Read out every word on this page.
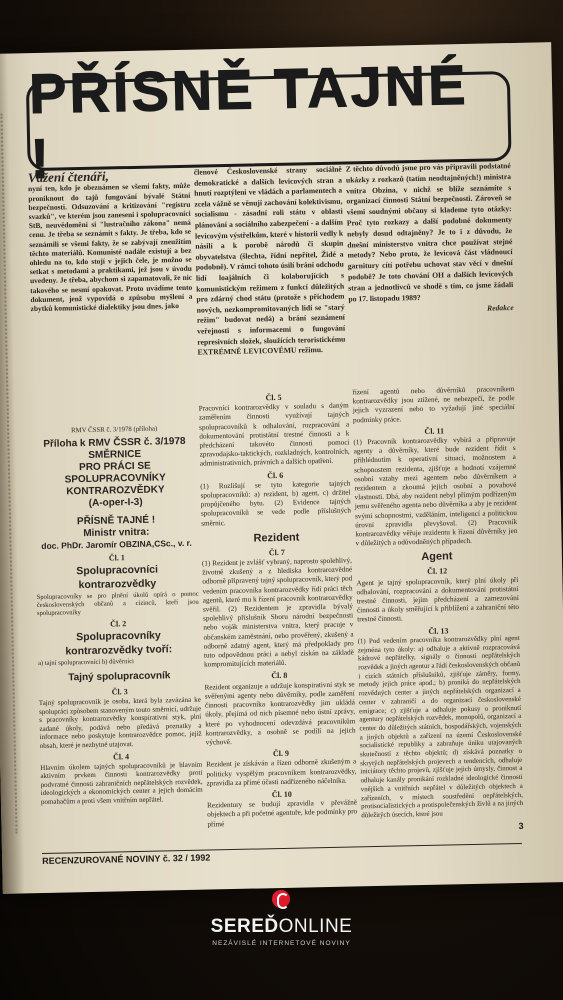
PŘÍSNĚ TAJNÉ !
Vážení čtenáři,

nyní ten, kdo je obeznámen se všemi fakty, může proniknout do tajů fungování bývalé Státní bezpečnosti. Odsuzování a kritizování "registru svazků", ve kterém jsou zaneseni i spolupracovníci StB, neuvědomění si "lustračního zákona" nemá cenu. Je třeba se seznámit s fakty. Je třeba, kdo se seznámili se všemi fakty, že se zabývají zneužitím těchto materiálů. Komunisté nadále existují a bez ohledu na to, kdo stojí v jejich čele, je možno se setkat s metodami a praktikami, jež jsou v úvodu uvedeny. Je třeba, abychom si zapamatovali, že nic takového se nesmí opakovat. Proto uvádíme tento dokument, jenž vypovídá o způsobu myšlení a zbytků komunistické dialektiky jsou dnes, jako

členové Československé strany sociálně demokratické a dalších levicových stran a hnutí rozptýleni ve vládách a parlamentech a zcela vážně se věnují zachování kolektivismu, socialismu - zásadní roli státu v oblasti plánování a sociálního zabezpečení - a dalším levicovým výstřelkům, které v historii vedly k násilí a k porobě národů či skupin obyvatelstva (šlechta, řídní nepřítel, Židé a podobně). V rámci tohoto úsilí brání odchodu lidí loajálních či kolaborujících s komunistickým režimem z funkcí důležitých pro zdárný chod státu (protože s příchodem nových, nezkompromitovaných lidí se "starý režim" budovat nedá) a brání seznámení veřejnosti s informacemi o fungování represivních složek, sloužících teroristickému EXTRÉMNĚ LEVICOVÉMU režimu.

Z těchto důvodů jsme pro vás připravili podstatné ukázky z rozkazů (tatím neodtajněných!) ministra vnitra Obzina, v nichž se blíže seznámíte s organizací činnosti Státní bezpečnosti. Zároveň se všemi soudnými občany si klademe tyto otázky: Proč tyto rozkazy a další podobné dokumenty nebyly dosud odtajněny? Je to i z důvodu, že dnešní ministerstvo vnitra chce používat stejné metody? Nebo proto, že levicová část vládnoucí garnitury cítí potřebu uchovat stav věcí v dnešní podobě? Je toto chování OH a dalších levicových stran a jednotlivců ve shodě s tím, co jsme žádali po 17. listopadu 1989?

Redakce
RMV ČSSR č. 3/1978 (příloha)
Příloha k RMV ČSSR č. 3/1978
SMĚRNICE
PRO PRÁCI SE SPOLUPRACOVNÍKY KONTRAROZVĚDKY
(A-oper-I-3)
PŘÍSNĚ TAJNÉ !
Ministr vnitra:
doc. PhDr. Jaromír OBZINA,CSc., v. r.
Čl. 1
Spolupracovníci kontrarozvědky

Spolupracovníky se pro plnění úkolů opírá o pomoc československých občanů a cizinců, kteří jsou spolupracovníky

Čl. 2
Spolupracovníky kontrarozvědky tvoří:

a) tajní spolupracovníci b) důvěrníci

Tajný spolupracovník
Čl. 3

Tajný spolupracovník je osoba, která byla zavázána ke spolupráci způsobem stanoveným touto směrnicí, udržuje s pracovníky kontrarozvědky konspirativní styk, plní zadané úkoly, podává nebo předává poznatky a informace nebo poskytuje kontrarozvědce pomoc, jejíž obsah, které je nezbytné utajovat.

Čl. 4

Hlavním úkolem tajných spolupracovníků je hlavním aktivním prvkem činnosti kontrarozvědky proti podvratné činnosti zahraničních nepřátelských rozvědek, ideologických a ekonomických center a jejich domácím pomahačům a proti všem vnitřním nepřátel.

Čl. 5

Pracovníci kontrarozvědky v souladu s daným zaměřením činnosti využívají tajných spolupracovníků k odhalování, rozpracování a dokumentování protistátní trestné činnosti a k předcházení takovéto činnosti pomocí zpravodajsko-taktických, rozkladných, kontrolních, administrativních, právních a dalších opatření.

Čl. 6

(1) Rozlišují se tyto kategorie tajných spolupracovníků: a) rezident, b) agent, c) držitel propůjčeného bytu. (2) Evidence tajných spolupracovníků se vede podle příslušných směrnic.

Rezident
Čl. 7

(1) Rezident je zvlášť vybraný, naprosto spolehlivý, životně zkušený a z hlediska kontrarozvědné odborně připravený tajný spolupracovník, který pod vedením pracovníka kontrarozvědky řídí práci těch agentů, které mu k řízení pracovník kontrarozvědky svěřil. (2) Rezidentem je zpravidla bývalý spolehlivý příslušník Sboru národní bezpečnosti nebo voják ministerstva vnitra, který pracuje v občanském zaměstnání, nebo prověřený, zkušený a odborně zdatný agent, který má předpoklady pro tuto odpovědnou práci a nebyl získán na základě kompromitujících materiálů.

Čl. 8

Rezident organizuje a udržuje konspirativní styk se svěřenými agenty nebo důvěrníky, podle zaměření činnosti pracovníka kontrarozvědky jim ukládá úkoly, přejímá od nich písemné nebo ústní zprávy, které po vyhodnocení odevzdává pracovníkům kontrarozvědky, a osobně se podílí na jejich výchově.

Čl. 9

Rezident je získáván a řízen odborně zkušeným a politicky vyspělým pracovníkem kontrarozvědky, zpravidla za přímé účasti nadřízeného náčelníka.

Čl. 10

Rezidentury se budují zpravidla v převážně objektech a při početné agentuře, kde podmínky pro přímé

řízení agentů nebo důvěrníků pracovníkem kontrarozvědky jsou ztížené, ne nebezpečí, že podle jejich vyzrazení nebo to vyžadují jiné speciální podmínky práce.

Čl. 11

(1) Pracovník kontrarozvědky vybírá a připravuje agenty a důvěrníky, které bude rezident řídit s přihlédnutím k operativní situaci, možnostem a schopnostem rezidenta, zjišťuje a hodnotí vzájemné osobní vztahy mezi agentem nebo důvěrníkem a rezidentem a zkoumá jejich osobní a povahové vlastnosti. Dbá, aby rezident nebyl přímým podřízeným jemu svěřeného agenta nebo důvěrníka a aby je rezident svými schopnostmi, vzděláním, inteligencí a politickou úrovní zpravidla převyšoval. (2) Pracovník kontrarozvědky věřuje rezidentu k řízení důvěrníky jen v důležitých a odůvodněných případech.

Agent
Čl. 12

Agent je tajný spolupracovník, který plní úkoly při odhalování, rozpracování a dokumentování protistátní trestné činnosti, jejím předcházení a zamezování činnosti a úkoly směřující k přiblížení a zahraniční této trestné činnosti.

Čl. 13

(1) Pod vedením pracovníka kontrarozvědky plní agent zejména tyto úkoly: a) odhaluje a aktivně rozpracovává kádrové nepřátelky, signály o činnosti nepřátelských rozvědek a jiných agentur a řádí československých občanů i cizích státních příslušníků, zjišťuje záměry, formy, metody jejich práce apod.; b) proniká do nepřátelských rozvědných center a jiných nepřátelských organizací a center v zahraničí a do organizací československé emigrace; c) zjišťuje a odhaluje pokusy o proniknutí agentury nepřátelských rozvědek, monopolů, organizací a center do důležitých státních, hospodářských, vojenských a jiných objektů a zařízení na území Československé socialistické republiky a zabraňuje úniku utajovaných skutečností z těchto objektů; d) získává poznatky o skrytých nepřátelských projevech a tendencích, odhaluje iniciátory těchto projevů, zjišťuje jejich úmysly, činnost a odhaluje kanály pronikání rozkladné ideologické činnosti vnějších a vnitřních nepřátel v důležitých objektech a zařízeních, v místech soustředění nepřátelských, protisocialistických a protispolečenských živlů a na jiných důležitých úsecích, které jsou

3
RECENZUROVANÉ NOVINY č. 32 / 1992
SEREĎONLINE
NEZÁVISLÉ INTERNETOVÉ NOVINY
